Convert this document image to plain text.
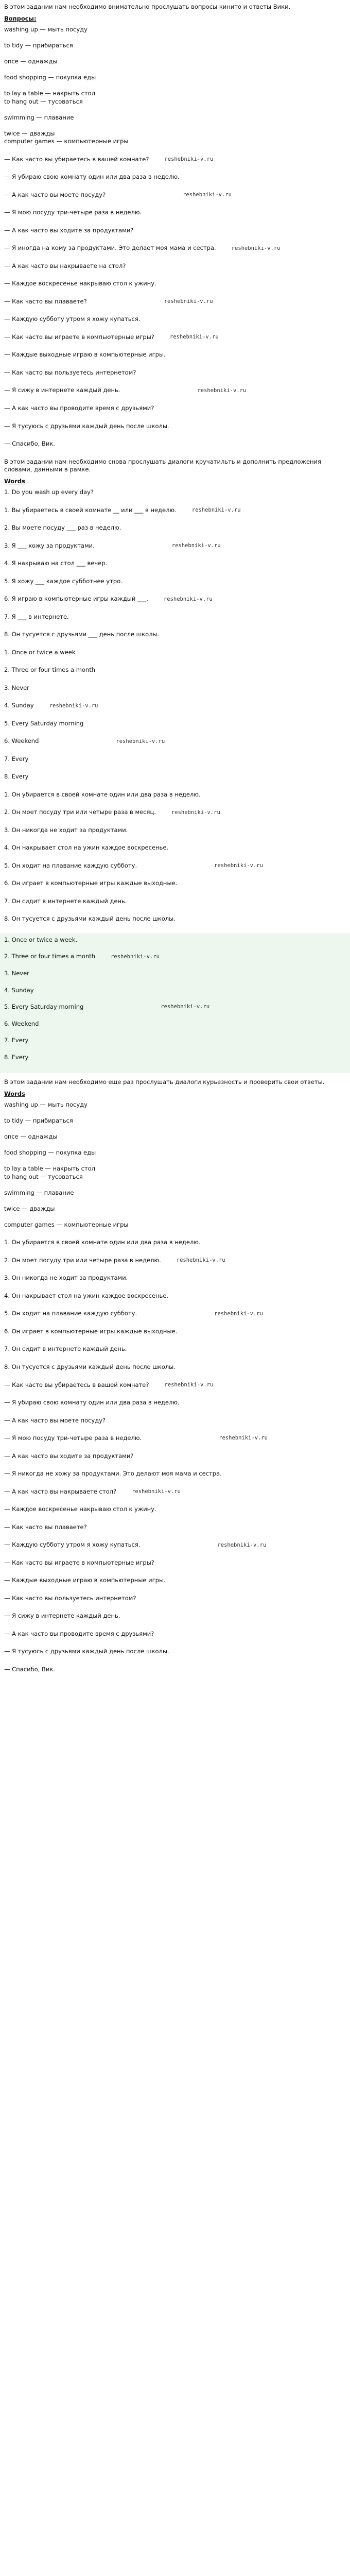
В этом задании нам необходимо внимательно прослушать вопросы кинито и ответы Вики.

Вопросы:

washing up — мыть посуду

to tidy — прибираться

once — однажды

food shopping — покупка еды

to lay a table — накрыть стол
to hang out — тусоваться

swimming — плавание

twice — дважды
computer games — компьютерные игры
— Как часто вы убираетесь в вашей комнате?	reshebniki-v.ru
— Я убираю свою комнату один или два раза в неделю.
— А как часто вы моете посуду?	reshebniki-v.ru
— Я мою посуду три-четыре раза в неделю.
— А как часто вы ходите за продуктами?
— Я иногда на кому за продуктами. Это делает моя мама и сестра.	reshebniki-v.ru
— А как часто вы накрываете на стол?
— Каждое воскресенье накрываю стол к ужину.
— Как часто вы плаваете?	reshebniki-v.ru
— Каждую субботу утром я хожу купаться.
— Как часто вы играете в компьютерные игры?	reshebniki-v.ru
— Каждые выходные играю в компьютерные игры.
— Как часто вы пользуетесь интернетом?
— Я сижу в интернете каждый день.	reshebniki-v.ru
— А как часто вы проводите время с друзьями?
— Я тусуюсь с друзьями каждый день после школы.
— Спасибо, Вик.

В этом задании нам необходимо снова прослушать диалоги кручатильть и дополнить предложения словами, данными в рамке.

Words

1. Do you wash up every day?
1. Вы убираетесь в своей комнате __ или ___ в неделю.	reshebniki-v.ru
2. Вы моете посуду ___ раз в неделю.
3. Я ___ хожу за продуктами.	reshebniki-v.ru
4. Я накрываю на стол ___ вечер.
5. Я хожу ___ каждое субботнее утро.
6. Я играю в компьютерные игры каждый ___.	reshebniki-v.ru
7. Я ___ в интернете.
8. Он тусуется с друзьями ___ день после школы.
1. Once or twice a week
2. Three or four times a month
3. Never
4. Sunday	reshebniki-v.ru
5. Every Saturday morning
6. Weekend	reshebniki-v.ru
7. Every
8. Every
1. Он убирается в своей комнате один или два раза в неделю.
2. Он моет посуду три или четыре раза в месяц.	reshebniki-v.ru
3. Он никогда не ходит за продуктами.
4. Он накрывает стол на ужин каждое воскресенье.
5. Он ходит на плавание каждую субботу.	reshebniki-v.ru
6. Он играет в компьютерные игры каждые выходные.
7. Он сидит в интернете каждый день.
8. Он тусуется с друзьями каждый день после школы.
1. Once or twice a week.
2. Three or four times a month	reshebniki-v.ru
3. Never
4. Sunday
5. Every Saturday morning	reshebniki-v.ru
6. Weekend
7. Every
8. Every

В этом задании нам необходимо еще раз прослушать диалоги курьезность и проверить свои ответы.

Words

washing up — мыть посуду

to tidy — прибираться

once — однажды

food shopping — покупка еды

to lay a table — накрыть стол
to hang out — тусоваться

swimming — плавание

twice — дважды

computer games — компьютерные игры
1. Он убирается в своей комнате один или два раза в неделю.
2. Он моет посуду три или четыре раза в неделю.	reshebniki-v.ru
3. Он никогда не ходит за продуктами.
4. Он накрывает стол на ужин каждое воскресенье.
5. Он ходит на плавание каждую субботу.	reshebniki-v.ru
6. Он играет в компьютерные игры каждые выходные.
7. Он сидит в интернете каждый день.
8. Он тусуется с друзьями каждый день после школы.
— Как часто вы убираетесь в вашей комнате?	reshebniki-v.ru
— Я убираю свою комнату один или два раза в неделю.
— А как часто вы моете посуду?
— Я мою посуду три-четыре раза в неделю.	reshebniki-v.ru
— А как часто вы ходите за продуктами?
— Я никогда не хожу за продуктами. Это делают моя мама и сестра.
— А как часто вы накрываете стол?	reshebniki-v.ru
— Каждое воскресенье накрываю стол к ужину.
— Как часто вы плаваете?
— Каждую субботу утром я хожу купаться.	reshebniki-v.ru
— Как часто вы играете в компьютерные игры?
— Каждые выходные играю в компьютерные игры.
— Как часто вы пользуетесь интернетом?
— Я сижу в интернете каждый день.
— А как часто вы проводите время с друзьями?
— Я тусуюсь с друзьями каждый день после школы.
— Спасибо, Вик.
